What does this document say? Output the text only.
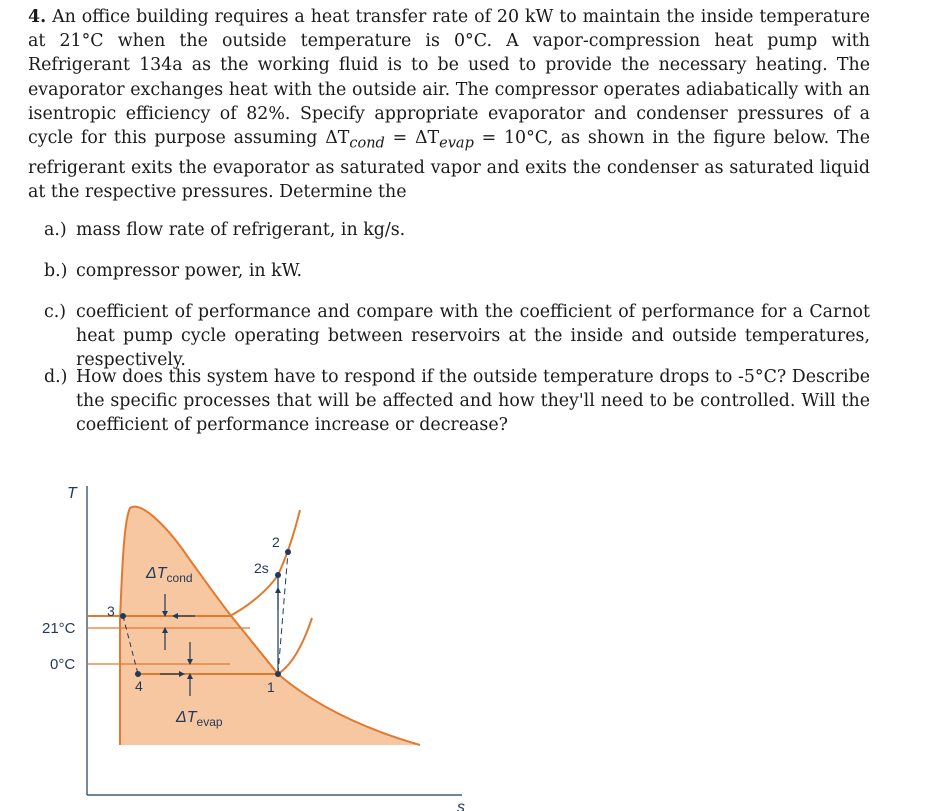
4. An office building requires a heat transfer rate of 20 kW to maintain the inside temperature at 21°C when the outside temperature is 0°C. A vapor-compression heat pump with Refrigerant 134a as the working fluid is to be used to provide the necessary heating. The evaporator exchanges heat with the outside air. The compressor operates adiabatically with an isentropic efficiency of 82%. Specify appropriate evaporator and condenser pressures of a cycle for this purpose assuming $\Delta T_{cond} = \Delta T_{evap} = 10^\circ C$, as shown in the figure below. The refrigerant exits the evaporator as saturated vapor and exits the condenser as saturated liquid at the respective pressures. Determine the
a.) mass flow rate of refrigerant, in kg/s.
b.) compressor power, in kW.
c.) coefficient of performance and compare with the coefficient of performance for a Carnot heat pump cycle operating between reservoirs at the inside and outside temperatures, respectively.
d.) How does this system have to respond if the outside temperature drops to -5°C? Describe the specific processes that will be affected and how they'll need to be controlled. Will the coefficient of performance increase or decrease?
T
s
21°C
0°C
1
2
2s
3
4
$\Delta T_{cond}$
$\Delta T_{evap}$
